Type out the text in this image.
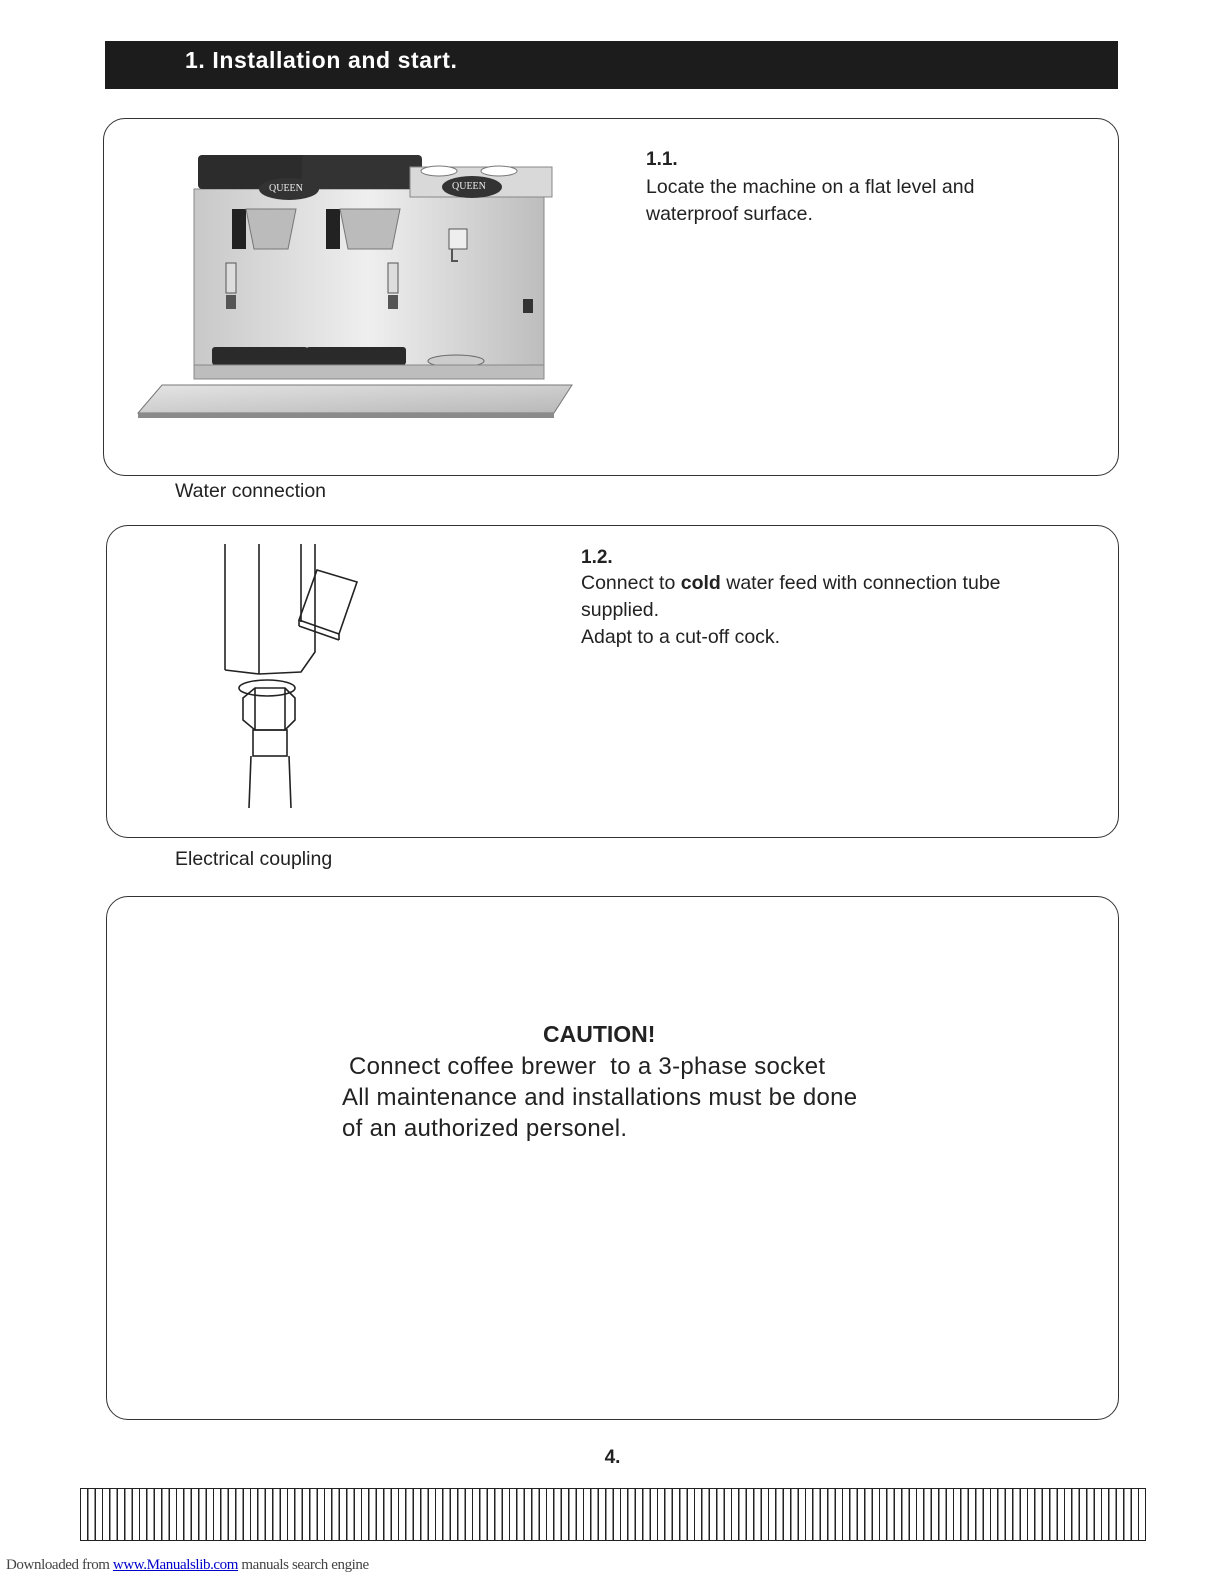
1. Installation and start.
QUEEN	QUEEN
1.1.

Locate the machine on a flat level and

waterproof surface.

Water connection
1.2.

Connect to cold water feed with connection tube

supplied.

Adapt to a cut-off cock.

Electrical coupling
CAUTION!

Connect coffee brewer  to a 3-phase socket

All maintenance and installations must be done

of an authorized personel.

4.
Downloaded from www.Manualslib.com manuals search engine
